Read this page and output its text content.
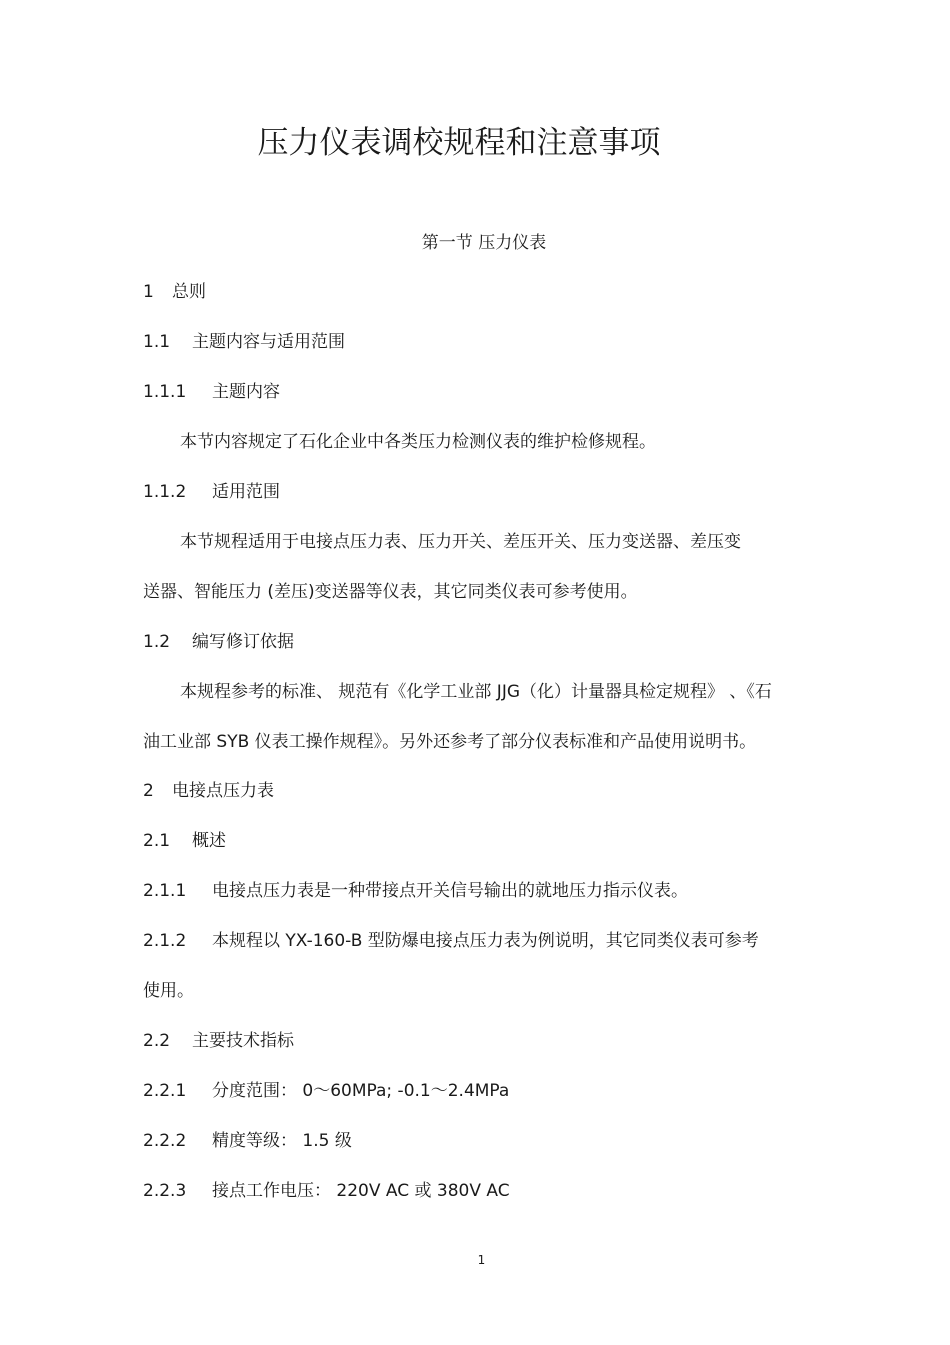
压力仪表调校规程和注意事项
第一节 压力仪表
1 总则
1.1 主题内容与适用范围
1.1.1 主题内容
本节内容规定了石化企业中各类压力检测仪表的维护检修规程。
1.1.2 适用范围
本节规程适用于电接点压力表、压力开关、差压开关、压力变送器、差压变
送器、智能压力 (差压)变送器等仪表，其它同类仪表可参考使用。
1.2 编写修订依据
本规程参考的标准、 规范有《化学工业部 JJG（化）计量器具检定规程》 、《石
油工业部 SYB 仪表工操作规程》。另外还参考了部分仪表标准和产品使用说明书。
2 电接点压力表
2.1 概述
2.1.1 电接点压力表是一种带接点开关信号输出的就地压力指示仪表。
2.1.2 本规程以 YX-160-B 型防爆电接点压力表为例说明，其它同类仪表可参考
使用。
2.2 主要技术指标
2.2.1 分度范围： 0～60MPa; -0.1～2.4MPa
2.2.2 精度等级： 1.5 级
2.2.3 接点工作电压： 220V AC 或 380V AC
1
